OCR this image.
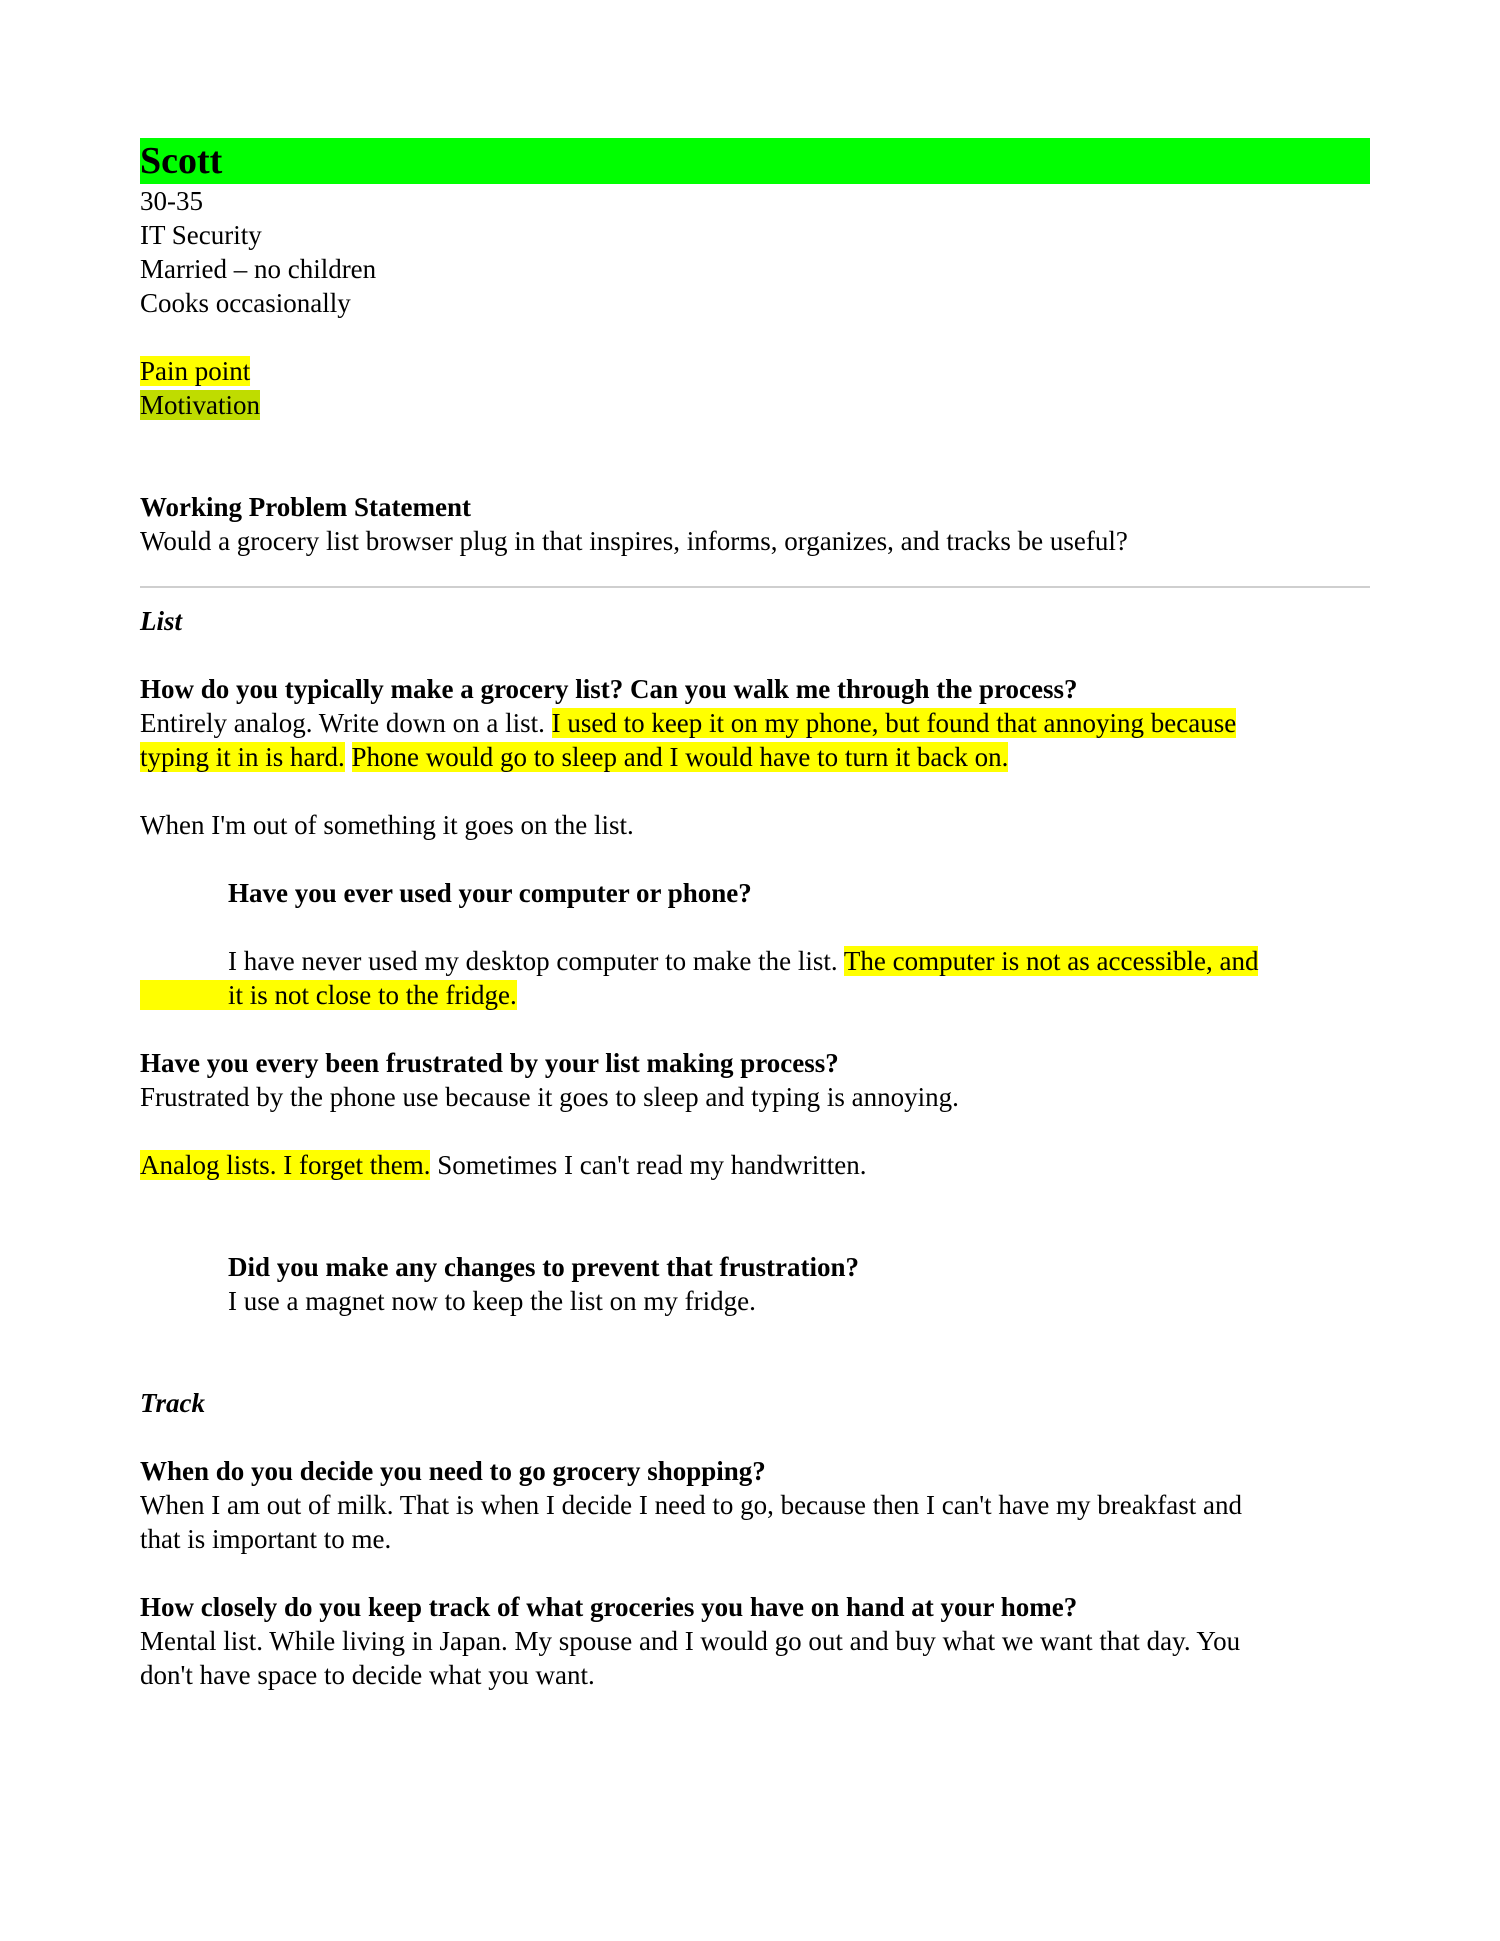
Scott
30-35
IT Security
Married – no children
Cooks occasionally
Pain point
Motivation
Working Problem Statement
Would a grocery list browser plug in that inspires, informs, organizes, and tracks be useful?
List
How do you typically make a grocery list? Can you walk me through the process?
Entirely analog. Write down on a list. I used to keep it on my phone, but found that annoying because
typing it in is hard. Phone would go to sleep and I would have to turn it back on.
When I'm out of something it goes on the list.
Have you ever used your computer or phone?
I have never used my desktop computer to make the list. The computer is not as accessible, and
it is not close to the fridge.
Have you every been frustrated by your list making process?
Frustrated by the phone use because it goes to sleep and typing is annoying.
Analog lists. I forget them. Sometimes I can't read my handwritten.
Did you make any changes to prevent that frustration?
I use a magnet now to keep the list on my fridge.
Track
When do you decide you need to go grocery shopping?
When I am out of milk. That is when I decide I need to go, because then I can't have my breakfast and
that is important to me.
How closely do you keep track of what groceries you have on hand at your home?
Mental list. While living in Japan. My spouse and I would go out and buy what we want that day. You
don't have space to decide what you want.
